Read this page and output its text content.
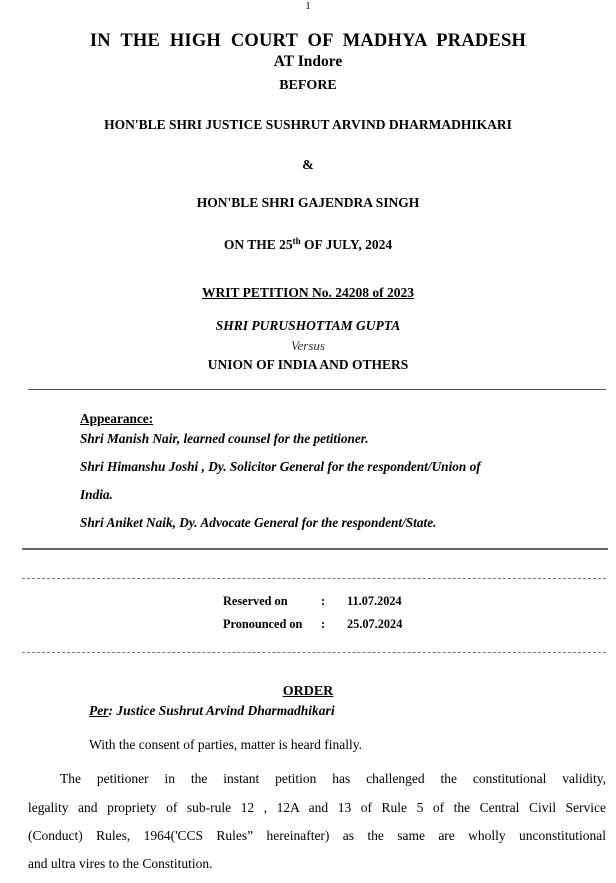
1
IN THE HIGH COURT OF MADHYA PRADESH
AT Indore
BEFORE
HON'BLE SHRI JUSTICE SUSHRUT ARVIND DHARMADHIKARI
&
HON'BLE SHRI GAJENDRA SINGH
ON THE 25th OF JULY, 2024
WRIT PETITION No. 24208 of 2023
SHRI PURUSHOTTAM GUPTA
Versus
UNION OF INDIA AND OTHERS
Appearance:
Shri Manish Nair, learned counsel for the petitioner.
Shri Himanshu Joshi , Dy. Solicitor General for the respondent/Union of
India.
Shri Aniket Naik, Dy. Advocate General for the respondent/State.
Reserved on	: 11.07.2024
Pronounced on : 25.07.2024
ORDER
Per: Justice Sushrut Arvind Dharmadhikari
With the consent of parties, matter is heard finally.
The petitioner in the instant petition has challenged the constitutional validity,
legality and propriety of sub-rule 12 , 12A and 13 of Rule 5 of the Central Civil Service
(Conduct) Rules, 1964('CCS Rules” hereinafter) as the same are wholly unconstitutional
and ultra vires to the Constitution.
